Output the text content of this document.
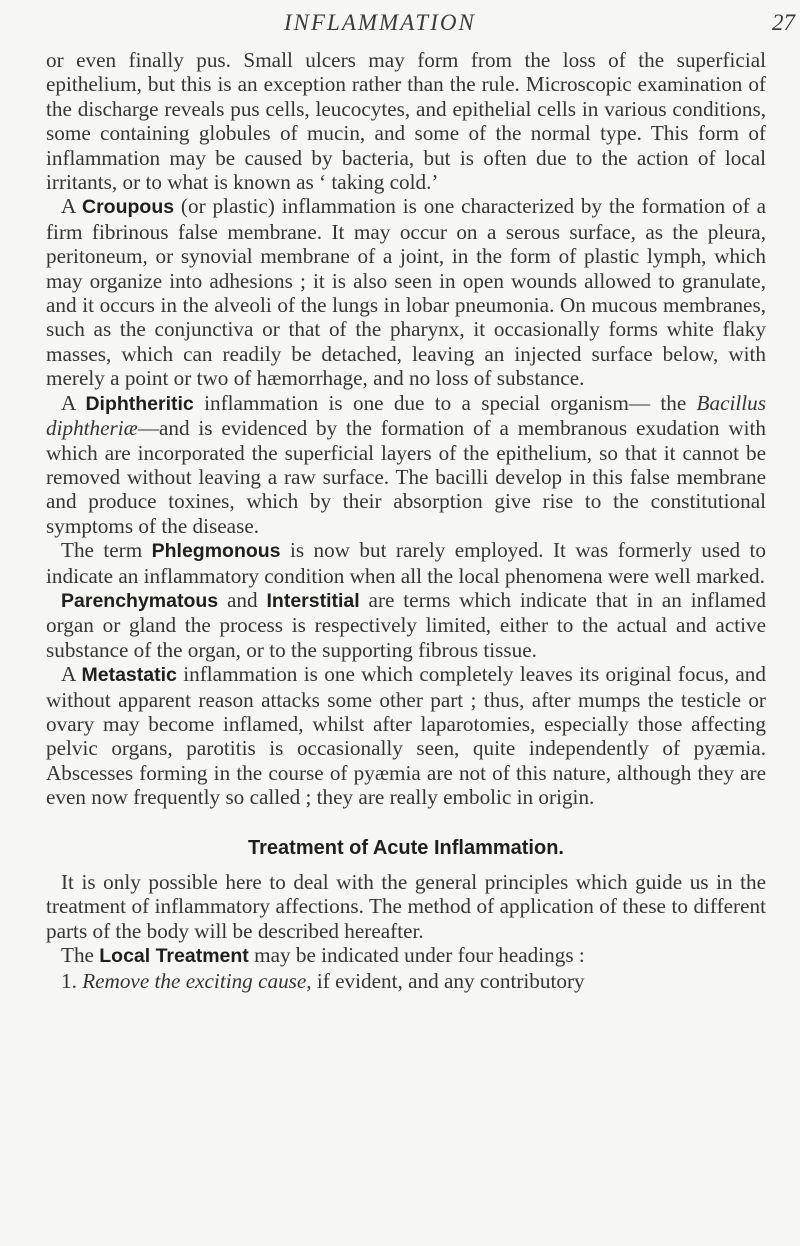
INFLAMMATION	27

or even finally pus. Small ulcers may form from the loss of the superficial epithelium, but this is an exception rather than the rule. Microscopic examination of the discharge reveals pus cells, leucocytes, and epithelial cells in various conditions, some containing globules of mucin, and some of the normal type. This form of inflammation may be caused by bacteria, but is often due to the action of local irritants, or to what is known as ‘ taking cold.’

A Croupous (or plastic) inflammation is one characterized by the formation of a firm fibrinous false membrane. It may occur on a serous surface, as the pleura, peritoneum, or synovial membrane of a joint, in the form of plastic lymph, which may organize into adhesions ; it is also seen in open wounds allowed to granulate, and it occurs in the alveoli of the lungs in lobar pneumonia. On mucous membranes, such as the conjunctiva or that of the pharynx, it occasionally forms white flaky masses, which can readily be detached, leaving an injected surface below, with merely a point or two of hæmorrhage, and no loss of substance.

A Diphtheritic inflammation is one due to a special organism— the Bacillus diphtheriæ—and is evidenced by the formation of a membranous exudation with which are incorporated the superficial layers of the epithelium, so that it cannot be removed without leaving a raw surface. The bacilli develop in this false membrane and produce toxines, which by their absorption give rise to the constitutional symptoms of the disease.

The term Phlegmonous is now but rarely employed. It was formerly used to indicate an inflammatory condition when all the local phenomena were well marked.

Parenchymatous and Interstitial are terms which indicate that in an inflamed organ or gland the process is respectively limited, either to the actual and active substance of the organ, or to the supporting fibrous tissue.

A Metastatic inflammation is one which completely leaves its original focus, and without apparent reason attacks some other part ; thus, after mumps the testicle or ovary may become inflamed, whilst after laparotomies, especially those affecting pelvic organs, parotitis is occasionally seen, quite independently of pyæmia. Abscesses forming in the course of pyæmia are not of this nature, although they are even now frequently so called ; they are really embolic in origin.

Treatment of Acute Inflammation.

It is only possible here to deal with the general principles which guide us in the treatment of inflammatory affections. The method of application of these to different parts of the body will be described hereafter.

The Local Treatment may be indicated under four headings :

1. Remove the exciting cause, if evident, and any contributory
